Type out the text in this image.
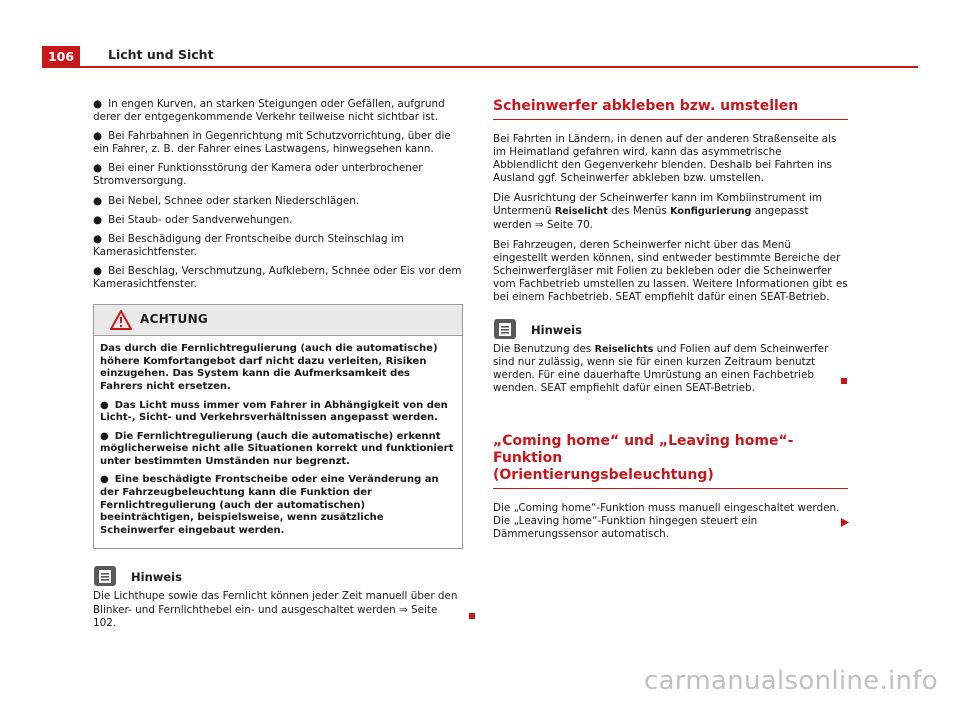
106	Licht und Sicht

● In engen Kurven, an starken Steigungen oder Gefällen, aufgrund derer der entgegenkommende Verkehr teilweise nicht sichtbar ist.

● Bei Fahrbahnen in Gegenrichtung mit Schutzvorrichtung, über die ein Fahrer, z. B. der Fahrer eines Lastwagens, hinwegsehen kann.

● Bei einer Funktionsstörung der Kamera oder unterbrochener Stromversorgung.

● Bei Nebel, Schnee oder starken Niederschlägen.

● Bei Staub- oder Sandverwehungen.

● Bei Beschädigung der Frontscheibe durch Steinschlag im Kamerasichtfenster.

● Bei Beschlag, Verschmutzung, Aufklebern, Schnee oder Eis vor dem Kamerasichtfenster.

ACHTUNG

Das durch die Fernlichtregulierung (auch die automatische) höhere Komfortangebot darf nicht dazu verleiten, Risiken einzugehen. Das System kann die Aufmerksamkeit des Fahrers nicht ersetzen.

● Das Licht muss immer vom Fahrer in Abhängigkeit von den Licht-, Sicht- und Verkehrsverhältnissen angepasst werden.

● Die Fernlichtregulierung (auch die automatische) erkennt möglicherweise nicht alle Situationen korrekt und funktioniert unter bestimmten Umständen nur begrenzt.

● Eine beschädigte Frontscheibe oder eine Veränderung an der Fahrzeugbeleuchtung kann die Funktion der Fernlichtregulierung (auch der automatischen) beeinträchtigen, beispielsweise, wenn zusätzliche Scheinwerfer eingebaut werden.

Hinweis

Die Lichthupe sowie das Fernlicht können jeder Zeit manuell über den Blinker- und Fernlichthebel ein- und ausgeschaltet werden ⇒ Seite 102.

Scheinwerfer abkleben bzw. umstellen

Bei Fahrten in Ländern, in denen auf der anderen Straßenseite als im Heimatland gefahren wird, kann das asymmetrische Abblendlicht den Gegenverkehr blenden. Deshalb bei Fahrten ins Ausland ggf. Scheinwerfer abkleben bzw. umstellen.

Die Ausrichtung der Scheinwerfer kann im Kombiinstrument im Untermenü Reiselicht des Menüs Konfigurierung angepasst werden ⇒ Seite 70.

Bei Fahrzeugen, deren Scheinwerfer nicht über das Menü eingestellt werden können, sind entweder bestimmte Bereiche der Scheinwerfergläser mit Folien zu bekleben oder die Scheinwerfer vom Fachbetrieb umstellen zu lassen. Weitere Informationen gibt es bei einem Fachbetrieb. SEAT empfiehlt dafür einen SEAT-Betrieb.

Hinweis

Die Benutzung des Reiselichts und Folien auf dem Scheinwerfer sind nur zulässig, wenn sie für einen kurzen Zeitraum benutzt werden. Für eine dauerhafte Umrüstung an einen Fachbetrieb wenden. SEAT empfiehlt dafür einen SEAT-Betrieb.

„Coming home“ und „Leaving home“-Funktion
(Orientierungsbeleuchtung)

Die „Coming home“-Funktion muss manuell eingeschaltet werden. Die „Leaving home“-Funktion hingegen steuert ein Dämmerungssensor automatisch.

carmanualsonline.info
